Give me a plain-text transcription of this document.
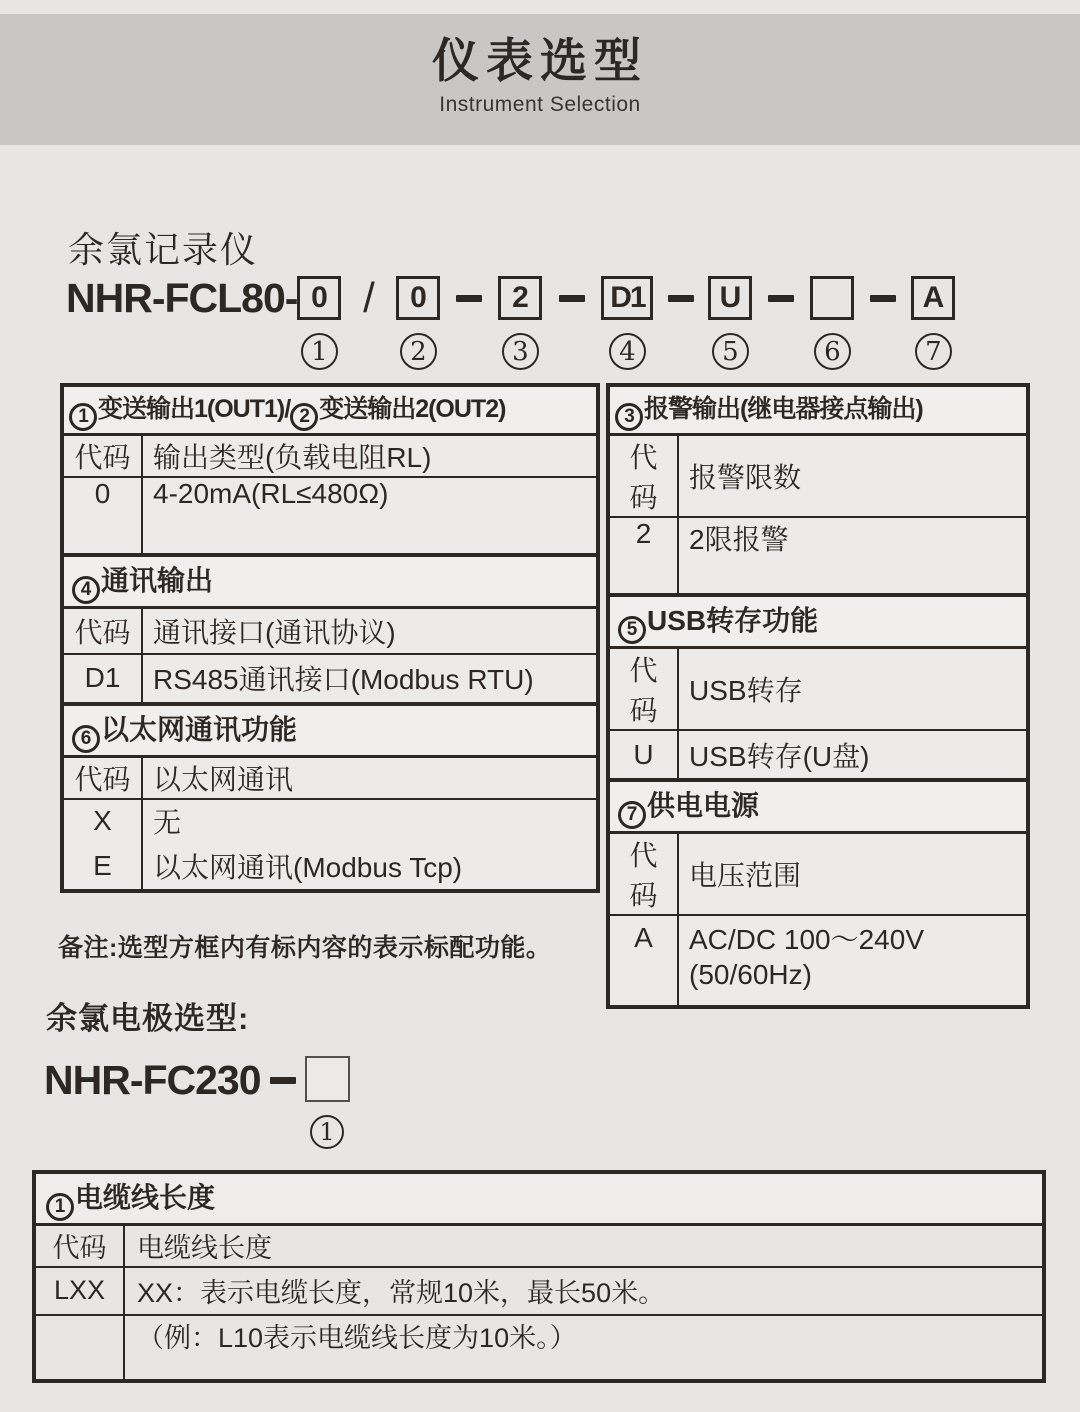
仪表选型
Instrument Selection
余氯记录仪
NHR-FCL80- 0
1
/	0
2
2
3
D1
4
U
5	6
A
7
1 变送输出1(OUT1)/ 2 变送输出2(OUT2)	
代码	输出类型(负载电阻RL)
0	4-20mA(RL≤480Ω)
4 通讯输出	
代码	通讯接口(通讯协议)
D1	RS485通讯接口(Modbus RTU)
6 以太网通讯功能	
代码	以太网通讯
X	无
E	以太网通讯(Modbus Tcp)
3 报警输出(继电器接点输出)	
代码	报警限数
2	2限报警
5 USB转存功能	
代码	USB转存
U	USB转存(U盘)
7 供电电源	
代码	电压范围
A	AC/DC 100～240V
	(50/60Hz)
备注:选型方框内有标内容的表示标配功能。
余氯电极选型:
NHR-FC230
1
1 电缆线长度	
代码	电缆线长度
LXX	XX：表示电缆长度，常规10米，最长50米。
	（例：L10表示电缆线长度为10米。）
